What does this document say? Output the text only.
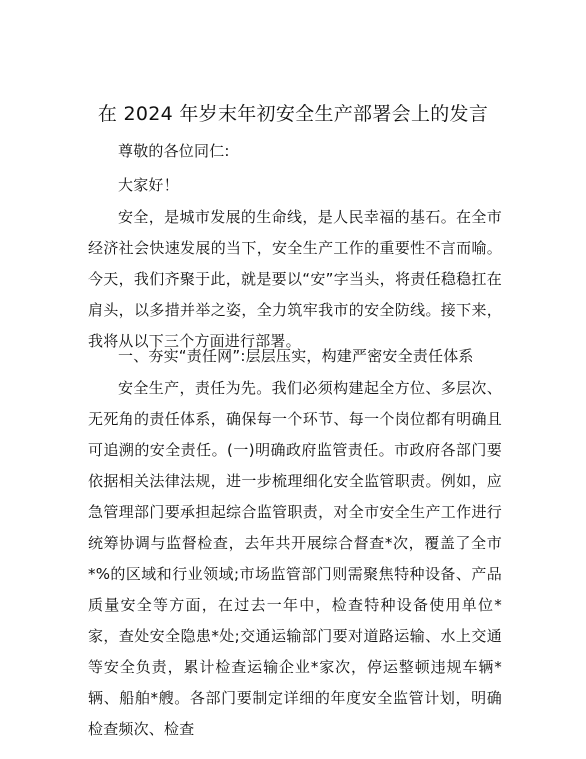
在 2024 年岁末年初安全生产部署会上的发言

尊敬的各位同仁:

大家好！

安全，是城市发展的生命线，是人民幸福的基石。在全市经济社会快速发展的当下，安全生产工作的重要性不言而喻。今天，我们齐聚于此，就是要以“安”字当头，将责任稳稳扛在肩头，以多措并举之姿，全力筑牢我市的安全防线。接下来，我将从以下三个方面进行部署。

一、夯实“责任网”:层层压实，构建严密安全责任体系

安全生产，责任为先。我们必须构建起全方位、多层次、无死角的责任体系，确保每一个环节、每一个岗位都有明确且可追溯的安全责任。(一)明确政府监管责任。市政府各部门要依据相关法律法规，进一步梳理细化安全监管职责。例如，应急管理部门要承担起综合监管职责，对全市安全生产工作进行统筹协调与监督检查，去年共开展综合督查*次，覆盖了全市*%的区域和行业领域;市场监管部门则需聚焦特种设备、产品质量安全等方面，在过去一年中，检查特种设备使用单位*家，查处安全隐患*处;交通运输部门要对道路运输、水上交通等安全负责，累计检查运输企业*家次，停运整顿违规车辆*辆、船舶*艘。各部门要制定详细的年度安全监管计划，明确检查频次、检查
